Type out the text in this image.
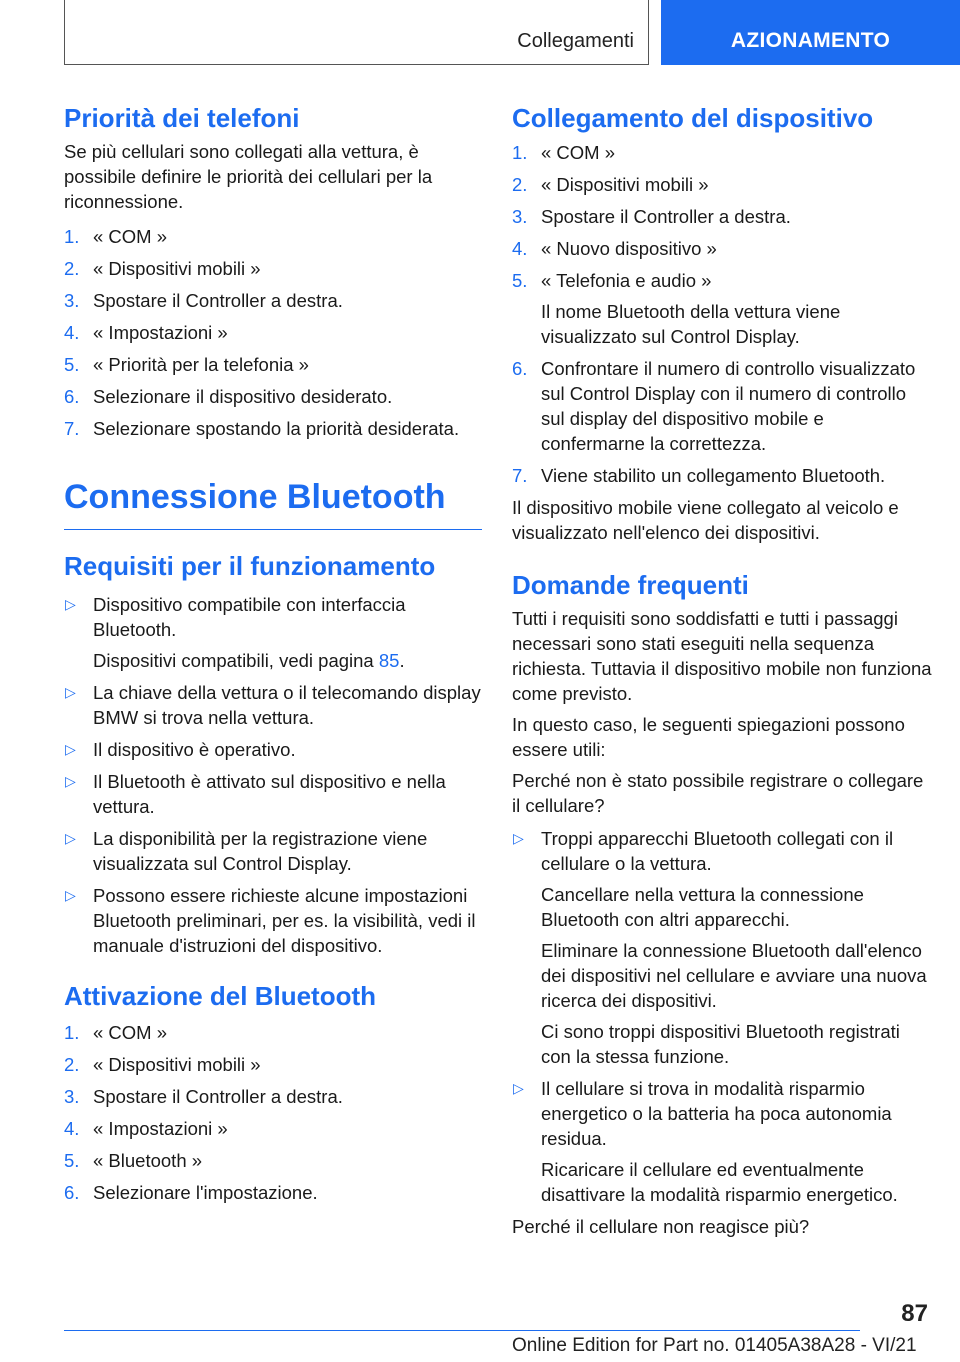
Collegamenti	AZIONAMENTO
Priorità dei telefoni

Se più cellulari sono collegati alla vettura, è possibile definire le priorità dei cellulari per la riconnessione.

1. « COM »
2. « Dispositivi mobili »
3. Spostare il Controller a destra.
4. « Impostazioni »
5. « Priorità per la telefonia »
6. Selezionare il dispositivo desiderato.
7. Selezionare spostando la priorità desiderata.
Connessione Bluetooth
Requisiti per il funzionamento
▷ Dispositivo compatibile con interfaccia Bluetooth.
Dispositivi compatibili, vedi pagina 85.
▷ La chiave della vettura o il telecomando display BMW si trova nella vettura.
▷ Il dispositivo è operativo.
▷ Il Bluetooth è attivato sul dispositivo e nella vettura.
▷ La disponibilità per la registrazione viene visualizzata sul Control Display.
▷ Possono essere richieste alcune impostazioni Bluetooth preliminari, per es. la visibilità, vedi il manuale d'istruzioni del dispositivo.
Attivazione del Bluetooth
1. « COM »
2. « Dispositivi mobili »
3. Spostare il Controller a destra.
4. « Impostazioni »
5. « Bluetooth »
6. Selezionare l'impostazione.
Collegamento del dispositivo
1. « COM »
2. « Dispositivi mobili »
3. Spostare il Controller a destra.
4. « Nuovo dispositivo »
5. « Telefonia e audio »
Il nome Bluetooth della vettura viene visualizzato sul Control Display.
6. Confrontare il numero di controllo visualizzato sul Control Display con il numero di controllo sul display del dispositivo mobile e confermarne la correttezza.
7. Viene stabilito un collegamento Bluetooth.

Il dispositivo mobile viene collegato al veicolo e visualizzato nell'elenco dei dispositivi.

Domande frequenti

Tutti i requisiti sono soddisfatti e tutti i passaggi necessari sono stati eseguiti nella sequenza richiesta. Tuttavia il dispositivo mobile non funziona come previsto.

In questo caso, le seguenti spiegazioni possono essere utili:

Perché non è stato possibile registrare o collegare il cellulare?

▷ Troppi apparecchi Bluetooth collegati con il cellulare o la vettura.
Cancellare nella vettura la connessione Bluetooth con altri apparecchi.
Eliminare la connessione Bluetooth dall'elenco dei dispositivi nel cellulare e avviare una nuova ricerca dei dispositivi.
Ci sono troppi dispositivi Bluetooth registrati con la stessa funzione.
▷ Il cellulare si trova in modalità risparmio energetico o la batteria ha poca autonomia residua.
Ricaricare il cellulare ed eventualmente disattivare la modalità risparmio energetico.

Perché il cellulare non reagisce più?

87
Online Edition for Part no. 01405A38A28 - VI/21
